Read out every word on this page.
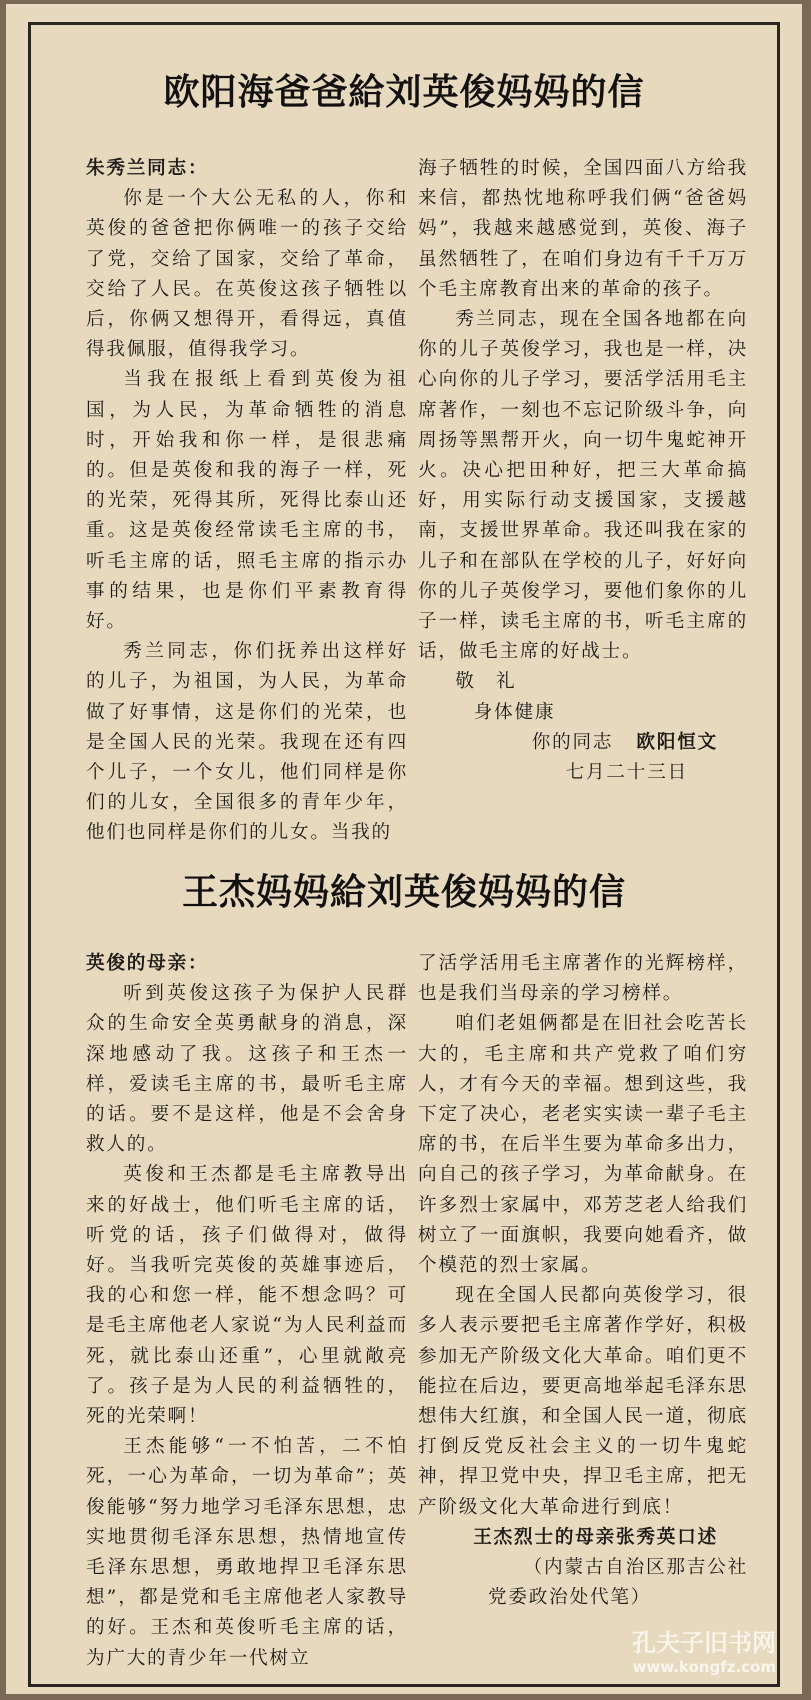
欧阳海爸爸給刘英俊妈妈的信

朱秀兰同志：

你是一个大公无私的人，你和英俊的爸爸把你俩唯一的孩子交给了党，交给了国家，交给了革命，交给了人民。在英俊这孩子牺牲以后，你俩又想得开，看得远，真值得我佩服，值得我学习。

当我在报纸上看到英俊为祖国，为人民，为革命牺牲的消息时，开始我和你一样，是很悲痛的。但是英俊和我的海子一样，死的光荣，死得其所，死得比泰山还重。这是英俊经常读毛主席的书，听毛主席的话，照毛主席的指示办事的结果，也是你们平素教育得好。

秀兰同志，你们抚养出这样好的儿子，为祖国，为人民，为革命做了好事情，这是你们的光荣，也是全国人民的光荣。我现在还有四个儿子，一个女儿，他们同样是你们的儿女，全国很多的青年少年，他们也同样是你们的儿女。当我的

海子牺牲的时候，全国四面八方给我来信，都热忱地称呼我们俩“爸爸妈妈”，我越来越感觉到，英俊、海子虽然牺牲了，在咱们身边有千千万万个毛主席教育出来的革命的孩子。

秀兰同志，现在全国各地都在向你的儿子英俊学习，我也是一样，决心向你的儿子学习，要活学活用毛主席著作，一刻也不忘记阶级斗争，向周扬等黑帮开火，向一切牛鬼蛇神开火。决心把田种好，把三大革命搞好，用实际行动支援国家，支援越南，支援世界革命。我还叫我在家的儿子和在部队在学校的儿子，好好向你的儿子英俊学习，要他们象你的儿子一样，读毛主席的书，听毛主席的话，做毛主席的好战士。

敬　礼

身体健康

你的同志 欧阳恒文

七月二十三日

王杰妈妈給刘英俊妈妈的信

英俊的母亲：

听到英俊这孩子为保护人民群众的生命安全英勇献身的消息，深深地感动了我。这孩子和王杰一样，爱读毛主席的书，最听毛主席的话。要不是这样，他是不会舍身救人的。

英俊和王杰都是毛主席教导出来的好战士，他们听毛主席的话，听党的话，孩子们做得对，做得好。当我听完英俊的英雄事迹后，我的心和您一样，能不想念吗？可是毛主席他老人家说“为人民利益而死，就比泰山还重”，心里就敞亮了。孩子是为人民的利益牺牲的，死的光荣啊！

王杰能够“一不怕苦，二不怕死，一心为革命，一切为革命”；英俊能够“努力地学习毛泽东思想，忠实地贯彻毛泽东思想，热情地宣传毛泽东思想，勇敢地捍卫毛泽东思想”，都是党和毛主席他老人家教导的好。王杰和英俊听毛主席的话，为广大的青少年一代树立

了活学活用毛主席著作的光辉榜样，也是我们当母亲的学习榜样。

咱们老姐俩都是在旧社会吃苦长大的，毛主席和共产党救了咱们穷人，才有今天的幸福。想到这些，我下定了决心，老老实实读一辈子毛主席的书，在后半生要为革命多出力，向自己的孩子学习，为革命献身。在许多烈士家属中，邓芳芝老人给我们树立了一面旗帜，我要向她看齐，做个模范的烈士家属。

现在全国人民都向英俊学习，很多人表示要把毛主席著作学好，积极参加无产阶级文化大革命。咱们更不能拉在后边，要更高地举起毛泽东思想伟大红旗，和全国人民一道，彻底打倒反党反社会主义的一切牛鬼蛇神，捍卫党中央，捍卫毛主席，把无产阶级文化大革命进行到底！

王杰烈士的母亲张秀英口述

（内蒙古自治区那吉公社

党委政治处代笔）

孔夫子旧书网
www.kongfz.com
